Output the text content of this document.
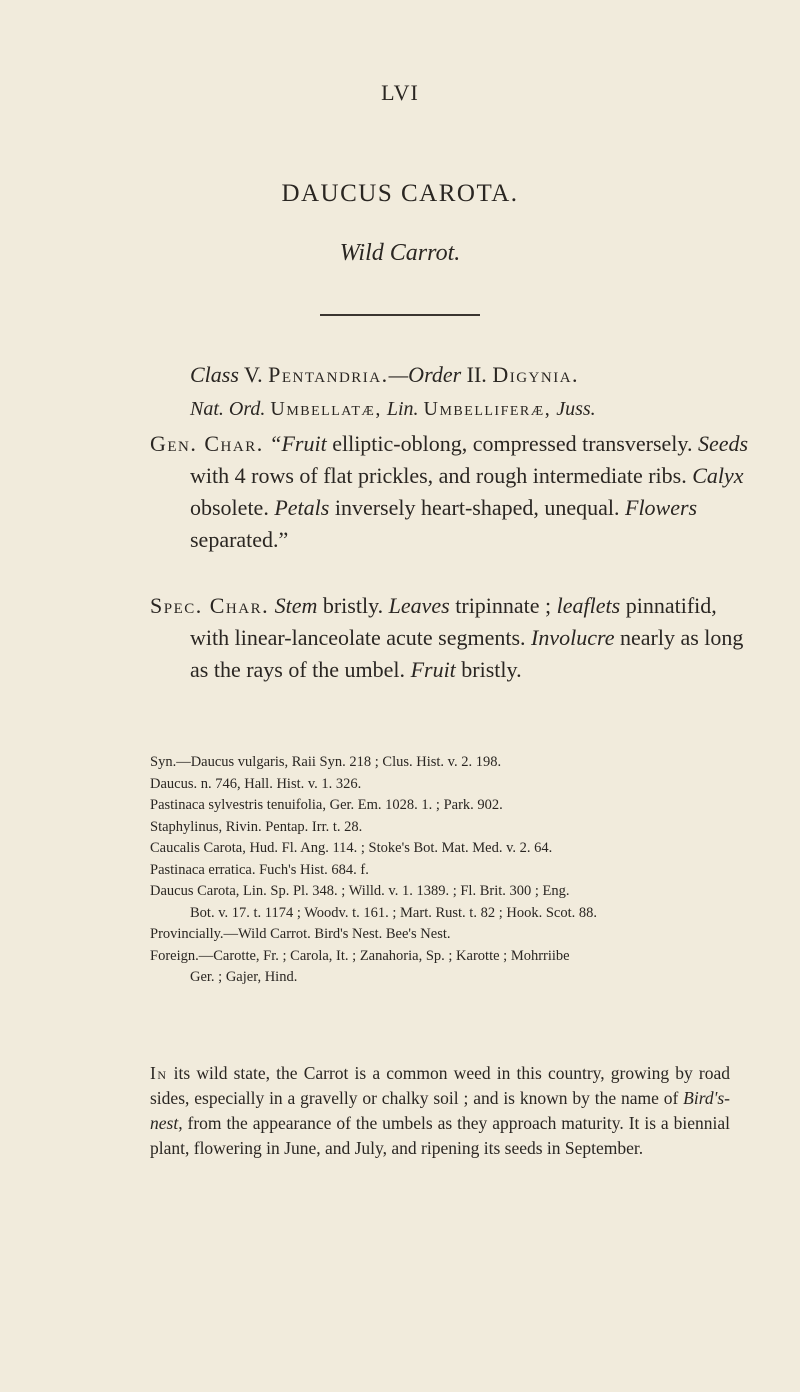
LVI
DAUCUS CAROTA.
Wild Carrot.
Class V. Pentandria.—Order II. Digynia.
Nat. Ord. Umbellatæ, Lin. Umbelliferæ, Juss.
Gen. Char. “Fruit elliptic-oblong, compressed transversely. Seeds with 4 rows of flat prickles, and rough intermediate ribs. Calyx obsolete. Petals inversely heart-shaped, unequal. Flowers separated.”
Spec. Char. Stem bristly. Leaves tripinnate ; leaflets pinnatifid, with linear-lanceolate acute segments. Involucre nearly as long as the rays of the umbel. Fruit bristly.
Syn.—Daucus vulgaris, Raii Syn. 218 ; Clus. Hist. v. 2. 198.
Daucus. n. 746, Hall. Hist. v. 1. 326.
Pastinaca sylvestris tenuifolia, Ger. Em. 1028. 1. ; Park. 902.
Staphylinus, Rivin. Pentap. Irr. t. 28.
Caucalis Carota, Hud. Fl. Ang. 114. ; Stoke's Bot. Mat. Med. v. 2. 64.
Pastinaca erratica. Fuch's Hist. 684. f.
Daucus Carota, Lin. Sp. Pl. 348. ; Willd. v. 1. 1389. ; Fl. Brit. 300 ; Eng.
Bot. v. 17. t. 1174 ; Woodv. t. 161. ; Mart. Rust. t. 82 ; Hook. Scot. 88.
Provincially.—Wild Carrot. Bird's Nest. Bee's Nest.
Foreign.—Carotte, Fr. ; Carola, It. ; Zanahoria, Sp. ; Karotte ; Mohrriibe
Ger. ; Gajer, Hind.
In its wild state, the Carrot is a common weed in this country, growing by road sides, especially in a gravelly or chalky soil ; and is known by the name of Bird's-nest, from the appearance of the umbels as they approach maturity. It is a biennial plant, flowering in June, and July, and ripening its seeds in September.
